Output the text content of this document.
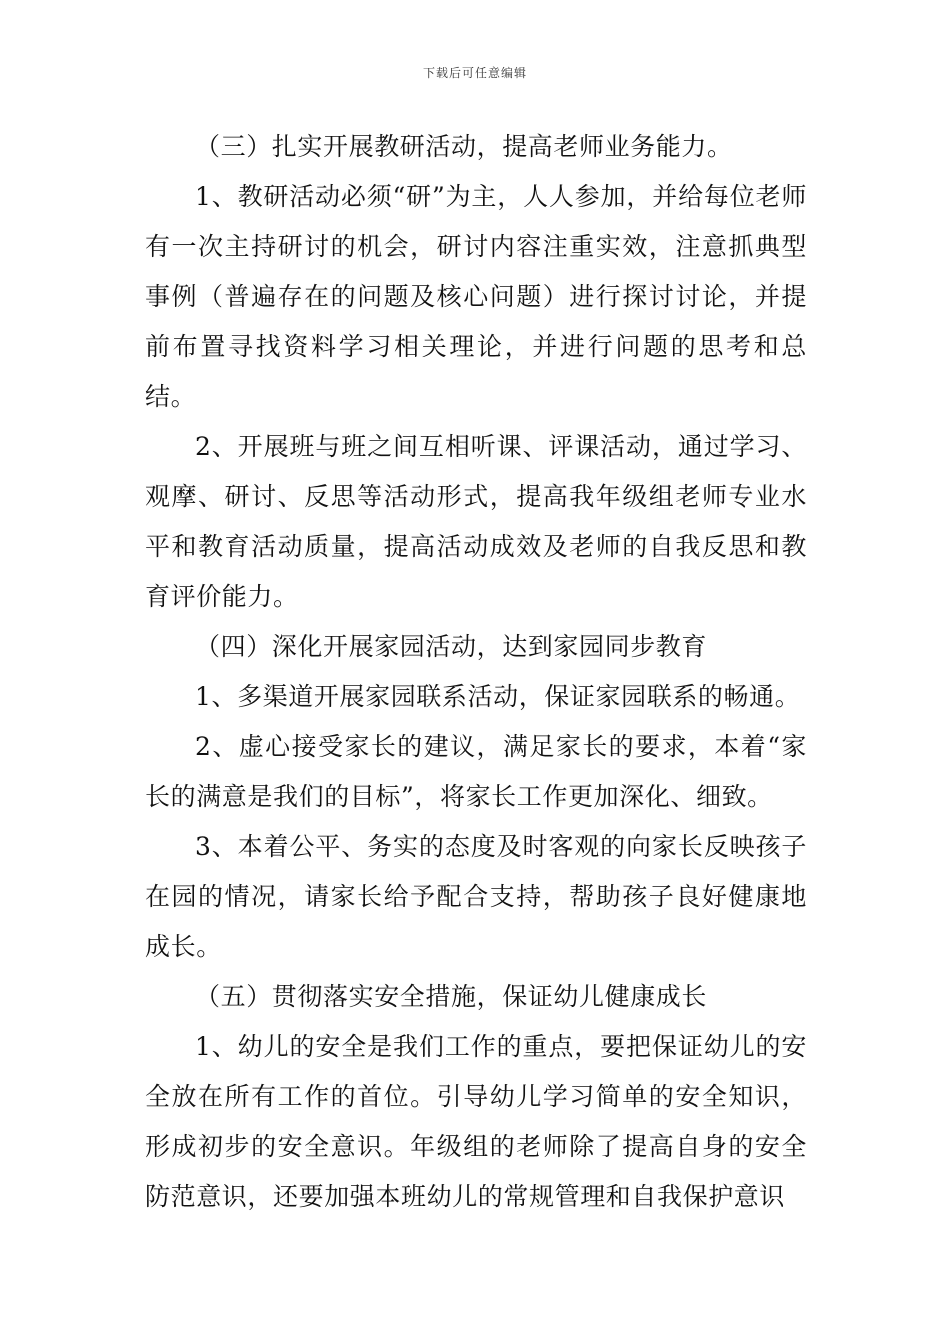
下载后可任意编辑

（三）扎实开展教研活动，提高老师业务能力。

1、教研活动必须“研”为主，人人参加，并给每位老师有一次主持研讨的机会，研讨内容注重实效，注意抓典型事例（普遍存在的问题及核心问题）进行探讨讨论，并提前布置寻找资料学习相关理论，并进行问题的思考和总结。

2、开展班与班之间互相听课、评课活动，通过学习、观摩、研讨、反思等活动形式，提高我年级组老师专业水平和教育活动质量，提高活动成效及老师的自我反思和教育评价能力。

（四）深化开展家园活动，达到家园同步教育

1、多渠道开展家园联系活动，保证家园联系的畅通。

2、虚心接受家长的建议，满足家长的要求，本着“家长的满意是我们的目标”，将家长工作更加深化、细致。

3、本着公平、务实的态度及时客观的向家长反映孩子在园的情况，请家长给予配合支持，帮助孩子良好健康地成长。

（五）贯彻落实安全措施，保证幼儿健康成长

1、幼儿的安全是我们工作的重点，要把保证幼儿的安全放在所有工作的首位。引导幼儿学习简单的安全知识，形成初步的安全意识。年级组的老师除了提高自身的安全防范意识，还要加强本班幼儿的常规管理和自我保护意识
